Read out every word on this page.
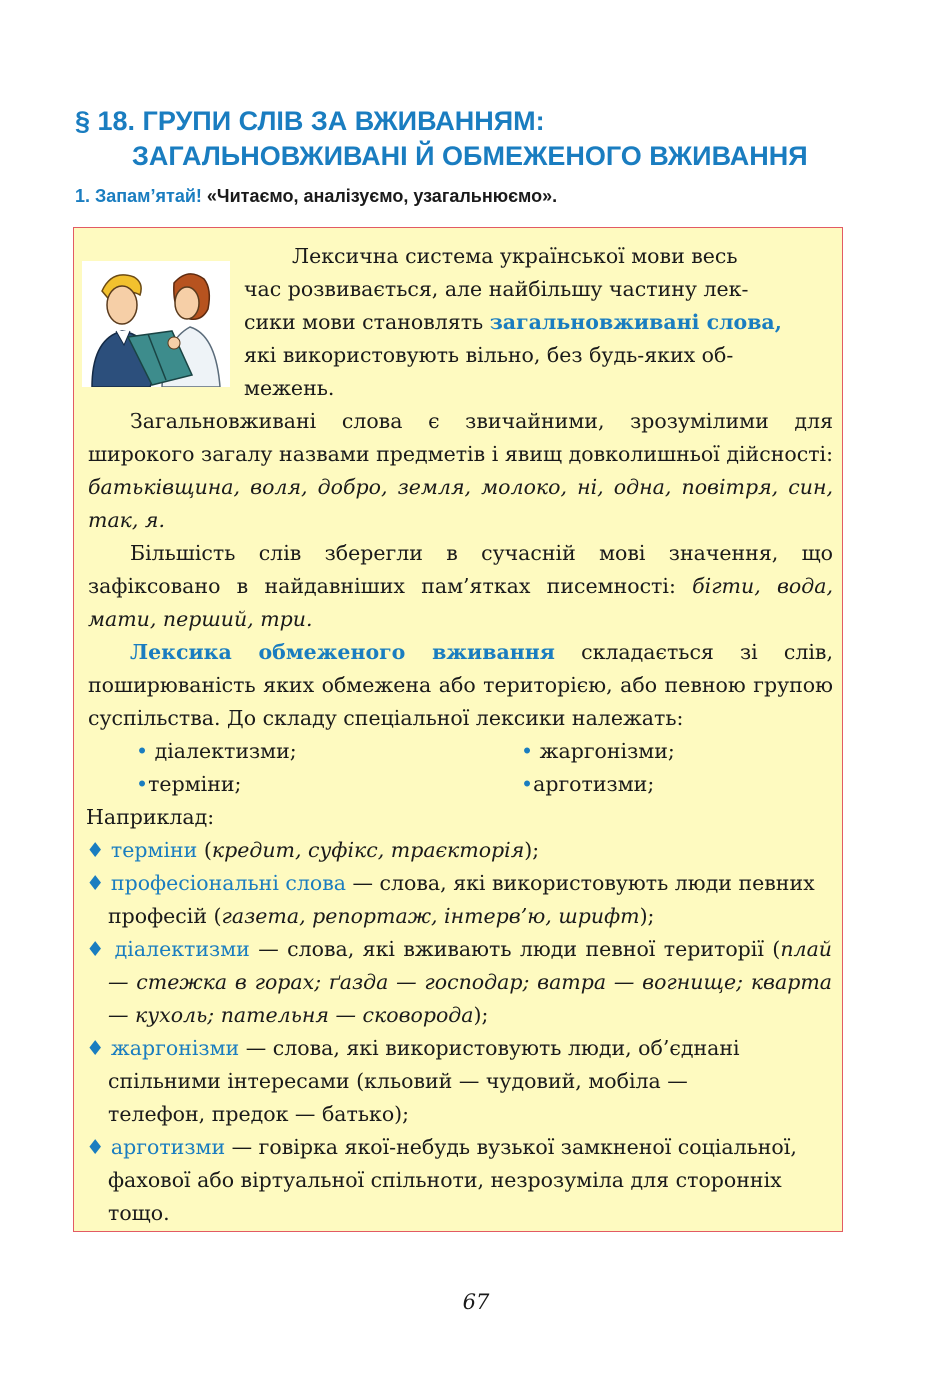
§ 18. ГРУПИ СЛІВ ЗА ВЖИВАННЯМ:
ЗАГАЛЬНОВЖИВАНІ Й ОБМЕЖЕНОГО ВЖИВАННЯ
1. Запам’ятай! «Читаємо, аналізуємо, узагальнюємо».
Лексична система української мови весь
час розвивається, але найбільшу частину лек-
сики мови становлять загальновживані слова,
які використовують вільно, без будь-яких об-
межень.
Загальновживані слова є звичайними, зрозумілими для широкого загалу назвами предметів і явищ довколишньої дійсності: батьківщина, воля, добро, земля, молоко, ні, одна, повітря, син, так, я.
Більшість слів зберегли в сучасній мові значення, що зафіксовано в найдавніших пам’ятках писемності: бігти, вода, мати, перший, три.
Лексика обмеженого вживання складається зі слів, поширюваність яких обмежена або територією, або певною групою суспільства. До складу спеціальної лексики належать:
• діалектизми;	• жаргонізми;
•терміни;	•арготизми;
Наприклад:
♦ терміни (кредит, суфікс, траєкторія);
♦ професіональні слова — слова, які використовують люди певних професій (газета, репортаж, інтерв’ю, шрифт);
♦ діалектизми — слова, які вживають люди певної території (плай — стежка в горах; ґазда — господар; ватра — вогнище; кварта — кухоль; пательня — сковорода);
♦ жаргонізми — слова, які використовують люди, об’єднані спільними інтересами (кльовий — чудовий, мобіла — телефон, предок — батько);
♦ арготизми — говірка якої-небудь вузької замкненої соціальної, фахової або віртуальної спільноти, незрозуміла для сторонніх тощо.
67
